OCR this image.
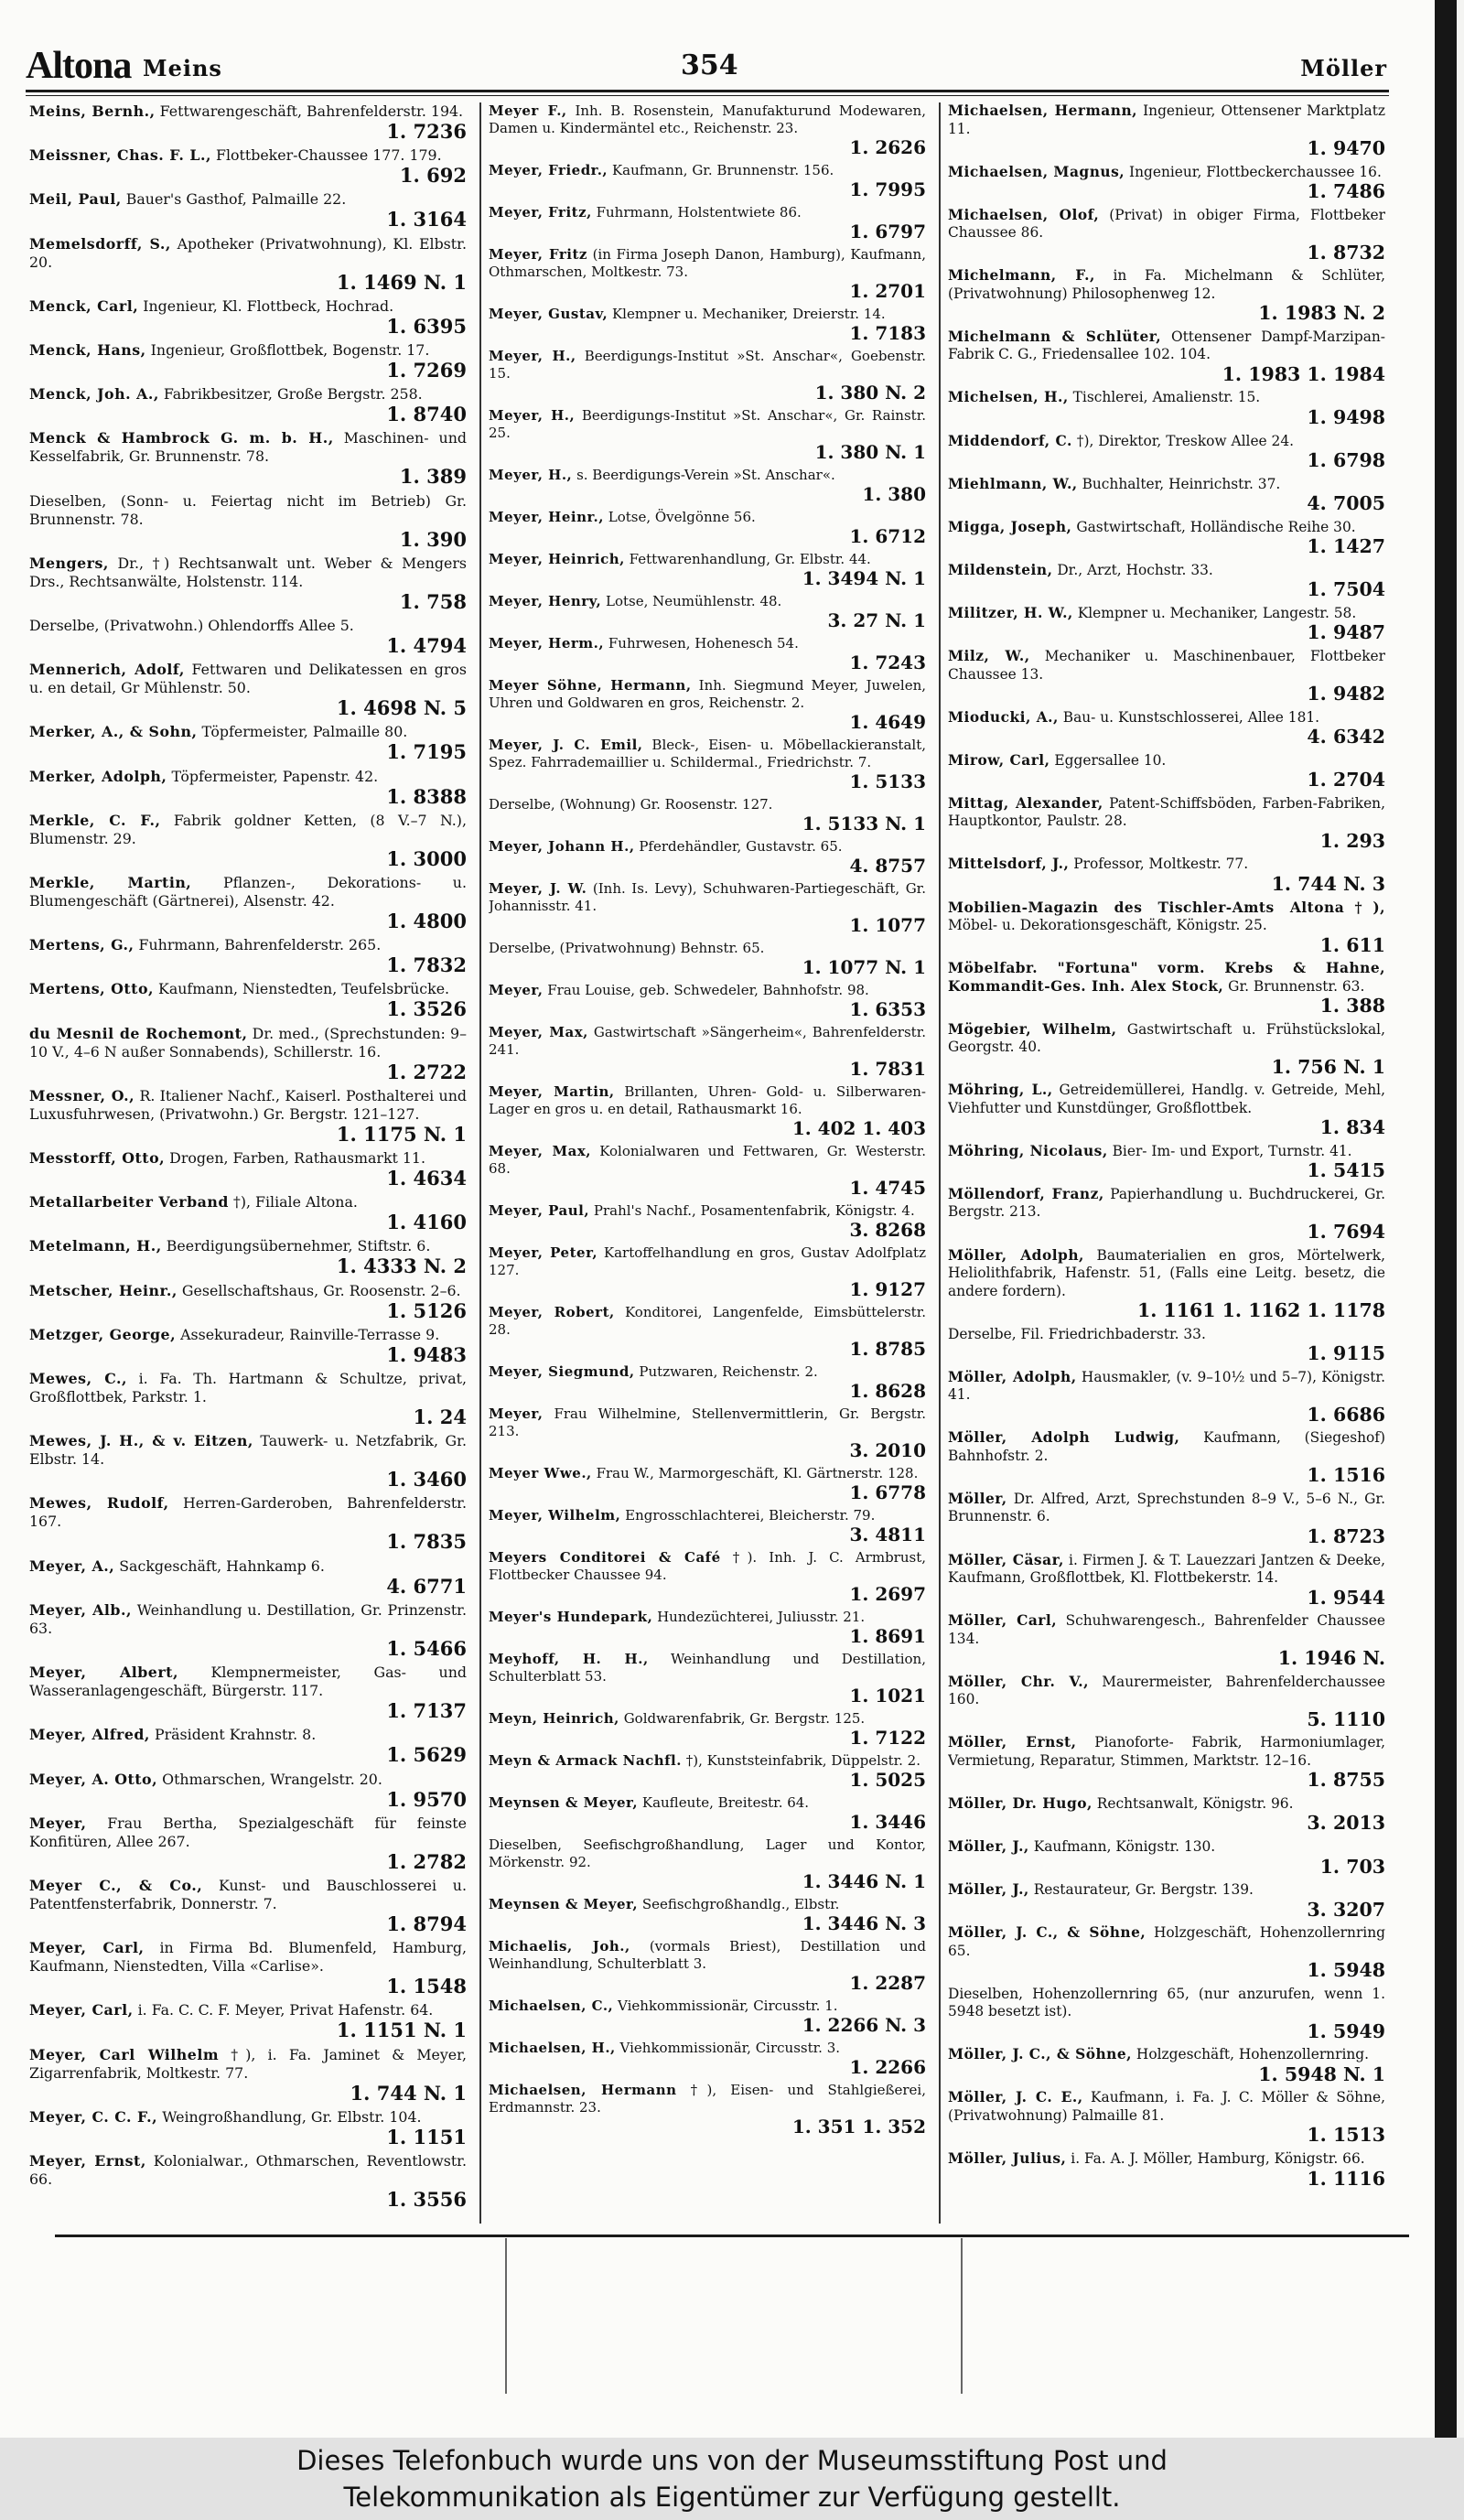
Altona Meins	354	Möller
Meins, Bernh., Fettwarengeschäft, Bahrenfelderstr. 194.
1. 7236
Meissner, Chas. F. L., Flottbeker-Chaussee 177. 179.
1. 692
Meil, Paul, Bauer's Gasthof, Palmaille 22.
1. 3164
Memelsdorff, S., Apotheker (Privatwohnung), Kl. Elbstr. 20.
1. 1469 N. 1
Menck, Carl, Ingenieur, Kl. Flottbeck, Hochrad.
1. 6395
Menck, Hans, Ingenieur, Großflottbek, Bogenstr. 17.
1. 7269
Menck, Joh. A., Fabrikbesitzer, Große Bergstr. 258.
1. 8740
Menck & Hambrock G. m. b. H., Maschinen- und Kesselfabrik, Gr. Brunnenstr. 78.
1. 389
Dieselben, (Sonn- u. Feiertag nicht im Betrieb) Gr. Brunnenstr. 78.
1. 390
Mengers, Dr., †) Rechtsanwalt unt. Weber & Mengers Drs., Rechtsanwälte, Holstenstr. 114.
1. 758
Derselbe, (Privatwohn.) Ohlendorffs Allee 5.
1. 4794
Mennerich, Adolf, Fettwaren und Delikatessen en gros u. en detail, Gr Mühlenstr. 50.
1. 4698 N. 5
Merker, A., & Sohn, Töpfermeister, Palmaille 80.
1. 7195
Merker, Adolph, Töpfermeister, Papenstr. 42.
1. 8388
Merkle, C. F., Fabrik goldner Ketten, (8 V.–7 N.), Blumenstr. 29.
1. 3000
Merkle, Martin, Pflanzen-, Dekorations- u. Blumengeschäft (Gärtnerei), Alsenstr. 42.
1. 4800
Mertens, G., Fuhrmann, Bahrenfelderstr. 265.
1. 7832
Mertens, Otto, Kaufmann, Nienstedten, Teufelsbrücke.
1. 3526
du Mesnil de Rochemont, Dr. med., (Sprechstunden: 9–10 V., 4–6 N außer Sonnabends), Schillerstr. 16.
1. 2722
Messner, O., R. Italiener Nachf., Kaiserl. Posthalterei und Luxusfuhrwesen, (Privatwohn.) Gr. Bergstr. 121–127.
1. 1175 N. 1
Messtorff, Otto, Drogen, Farben, Rathausmarkt 11.
1. 4634
Metallarbeiter Verband †), Filiale Altona.
1. 4160
Metelmann, H., Beerdigungsübernehmer, Stiftstr. 6.
1. 4333 N. 2
Metscher, Heinr., Gesellschaftshaus, Gr. Roosenstr. 2–6.
1. 5126
Metzger, George, Assekuradeur, Rainville-Terrasse 9.
1. 9483
Mewes, C., i. Fa. Th. Hartmann & Schultze, privat, Großflottbek, Parkstr. 1.
1. 24
Mewes, J. H., & v. Eitzen, Tauwerk- u. Netzfabrik, Gr. Elbstr. 14.
1. 3460
Mewes, Rudolf, Herren-Garderoben, Bahrenfelderstr. 167.
1. 7835
Meyer, A., Sackgeschäft, Hahnkamp 6.
4. 6771
Meyer, Alb., Weinhandlung u. Destillation, Gr. Prinzenstr. 63.
1. 5466
Meyer, Albert, Klempnermeister, Gas- und Wasseranlagengeschäft, Bürgerstr. 117.
1. 7137
Meyer, Alfred, Präsident Krahnstr. 8.
1. 5629
Meyer, A. Otto, Othmarschen, Wrangelstr. 20.
1. 9570
Meyer, Frau Bertha, Spezialgeschäft für feinste Konfitüren, Allee 267.
1. 2782
Meyer C., & Co., Kunst- und Bauschlosserei u. Patentfensterfabrik, Donnerstr. 7.
1. 8794
Meyer, Carl, in Firma Bd. Blumenfeld, Hamburg, Kaufmann, Nienstedten, Villa «Carlise».
1. 1548
Meyer, Carl, i. Fa. C. C. F. Meyer, Privat Hafenstr. 64.
1. 1151 N. 1
Meyer, Carl Wilhelm †), i. Fa. Jaminet & Meyer, Zigarrenfabrik, Moltkestr. 77.
1. 744 N. 1
Meyer, C. C. F., Weingroßhandlung, Gr. Elbstr. 104.
1. 1151
Meyer, Ernst, Kolonialwar., Othmarschen, Reventlowstr. 66.
1. 3556
Meyer F., Inh. B. Rosenstein, Manufakturund Modewaren, Damen u. Kindermäntel etc., Reichenstr. 23.
1. 2626
Meyer, Friedr., Kaufmann, Gr. Brunnenstr. 156.
1. 7995
Meyer, Fritz, Fuhrmann, Holstentwiete 86.
1. 6797
Meyer, Fritz (in Firma Joseph Danon, Hamburg), Kaufmann, Othmarschen, Moltkestr. 73.
1. 2701
Meyer, Gustav, Klempner u. Mechaniker, Dreierstr. 14.
1. 7183
Meyer, H., Beerdigungs-Institut »St. Anschar«, Goebenstr. 15.
1. 380 N. 2
Meyer, H., Beerdigungs-Institut »St. Anschar«, Gr. Rainstr. 25.
1. 380 N. 1
Meyer, H., s. Beerdigungs-Verein »St. Anschar«.
1. 380
Meyer, Heinr., Lotse, Övelgönne 56.
1. 6712
Meyer, Heinrich, Fettwarenhandlung, Gr. Elbstr. 44.
1. 3494 N. 1
Meyer, Henry, Lotse, Neumühlenstr. 48.
3. 27 N. 1
Meyer, Herm., Fuhrwesen, Hohenesch 54.
1. 7243
Meyer Söhne, Hermann, Inh. Siegmund Meyer, Juwelen, Uhren und Goldwaren en gros, Reichenstr. 2.
1. 4649
Meyer, J. C. Emil, Bleck-, Eisen- u. Möbellackieranstalt, Spez. Fahrrademaillier u. Schildermal., Friedrichstr. 7.
1. 5133
Derselbe, (Wohnung) Gr. Roosenstr. 127.
1. 5133 N. 1
Meyer, Johann H., Pferdehändler, Gustavstr. 65.
4. 8757
Meyer, J. W. (Inh. Is. Levy), Schuhwaren-Partiegeschäft, Gr. Johannisstr. 41.
1. 1077
Derselbe, (Privatwohnung) Behnstr. 65.
1. 1077 N. 1
Meyer, Frau Louise, geb. Schwedeler, Bahnhofstr. 98.
1. 6353
Meyer, Max, Gastwirtschaft »Sängerheim«, Bahrenfelderstr. 241.
1. 7831
Meyer, Martin, Brillanten, Uhren- Gold- u. Silberwaren-Lager en gros u. en detail, Rathausmarkt 16.
1. 402 1. 403
Meyer, Max, Kolonialwaren und Fettwaren, Gr. Westerstr. 68.
1. 4745
Meyer, Paul, Prahl's Nachf., Posamentenfabrik, Königstr. 4.
3. 8268
Meyer, Peter, Kartoffelhandlung en gros, Gustav Adolfplatz 127.
1. 9127
Meyer, Robert, Konditorei, Langenfelde, Eimsbüttelerstr. 28.
1. 8785
Meyer, Siegmund, Putzwaren, Reichenstr. 2.
1. 8628
Meyer, Frau Wilhelmine, Stellenvermittlerin, Gr. Bergstr. 213.
3. 2010
Meyer Wwe., Frau W., Marmorgeschäft, Kl. Gärtnerstr. 128.
1. 6778
Meyer, Wilhelm, Engrosschlachterei, Bleicherstr. 79.
3. 4811
Meyers Conditorei & Café †). Inh. J. C. Armbrust, Flottbecker Chaussee 94.
1. 2697
Meyer's Hundepark, Hundezüchterei, Juliusstr. 21.
1. 8691
Meyhoff, H. H., Weinhandlung und Destillation, Schulterblatt 53.
1. 1021
Meyn, Heinrich, Goldwarenfabrik, Gr. Bergstr. 125.
1. 7122
Meyn & Armack Nachfl. †), Kunststeinfabrik, Düppelstr. 2.
1. 5025
Meynsen & Meyer, Kaufleute, Breitestr. 64.
1. 3446
Dieselben, Seefischgroßhandlung, Lager und Kontor, Mörkenstr. 92.
1. 3446 N. 1
Meynsen & Meyer, Seefischgroßhandlg., Elbstr.
1. 3446 N. 3
Michaelis, Joh., (vormals Briest), Destillation und Weinhandlung, Schulterblatt 3.
1. 2287
Michaelsen, C., Viehkommissionär, Circusstr. 1.
1. 2266 N. 3
Michaelsen, H., Viehkommissionär, Circusstr. 3.
1. 2266
Michaelsen, Hermann †), Eisen- und Stahlgießerei, Erdmannstr. 23.
1. 351 1. 352
Michaelsen, Hermann, Ingenieur, Ottensener Marktplatz 11.
1. 9470
Michaelsen, Magnus, Ingenieur, Flottbeckerchaussee 16.
1. 7486
Michaelsen, Olof, (Privat) in obiger Firma, Flottbeker Chaussee 86.
1. 8732
Michelmann, F., in Fa. Michelmann & Schlüter, (Privatwohnung) Philosophenweg 12.
1. 1983 N. 2
Michelmann & Schlüter, Ottensener Dampf-Marzipan-Fabrik C. G., Friedensallee 102. 104.
1. 1983 1. 1984
Michelsen, H., Tischlerei, Amalienstr. 15.
1. 9498
Middendorf, C. †), Direktor, Treskow Allee 24.
1. 6798
Miehlmann, W., Buchhalter, Heinrichstr. 37.
4. 7005
Migga, Joseph, Gastwirtschaft, Holländische Reihe 30.
1. 1427
Mildenstein, Dr., Arzt, Hochstr. 33.
1. 7504
Militzer, H. W., Klempner u. Mechaniker, Langestr. 58.
1. 9487
Milz, W., Mechaniker u. Maschinenbauer, Flottbeker Chaussee 13.
1. 9482
Mioducki, A., Bau- u. Kunstschlosserei, Allee 181.
4. 6342
Mirow, Carl, Eggersallee 10.
1. 2704
Mittag, Alexander, Patent-Schiffsböden, Farben-Fabriken, Hauptkontor, Paulstr. 28.
1. 293
Mittelsdorf, J., Professor, Moltkestr. 77.
1. 744 N. 3
Mobilien-Magazin des Tischler-Amts Altona†), Möbel- u. Dekorationsgeschäft, Königstr. 25.
1. 611
Möbelfabr. "Fortuna" vorm. Krebs & Hahne, Kommandit-Ges. Inh. Alex Stock, Gr. Brunnenstr. 63.
1. 388
Mögebier, Wilhelm, Gastwirtschaft u. Frühstückslokal, Georgstr. 40.
1. 756 N. 1
Möhring, L., Getreidemüllerei, Handlg. v. Getreide, Mehl, Viehfutter und Kunstdünger, Großflottbek.
1. 834
Möhring, Nicolaus, Bier- Im- und Export, Turnstr. 41.
1. 5415
Möllendorf, Franz, Papierhandlung u. Buchdruckerei, Gr. Bergstr. 213.
1. 7694
Möller, Adolph, Baumaterialien en gros, Mörtelwerk, Heliolithfabrik, Hafenstr. 51, (Falls eine Leitg. besetz, die andere fordern).
1. 1161 1. 1162 1. 1178
Derselbe, Fil. Friedrichbaderstr. 33.
1. 9115
Möller, Adolph, Hausmakler, (v. 9–10½ und 5–7), Königstr. 41.
1. 6686
Möller, Adolph Ludwig, Kaufmann, (Siegeshof) Bahnhofstr. 2.
1. 1516
Möller, Dr. Alfred, Arzt, Sprechstunden 8–9 V., 5–6 N., Gr. Brunnenstr. 6.
1. 8723
Möller, Cäsar, i. Firmen J. & T. Lauezzari Jantzen & Deeke, Kaufmann, Großflottbek, Kl. Flottbekerstr. 14.
1. 9544
Möller, Carl, Schuhwarengesch., Bahrenfelder Chaussee 134.
1. 1946 N.
Möller, Chr. V., Maurermeister, Bahrenfelderchaussee 160.
5. 1110
Möller, Ernst, Pianoforte- Fabrik, Harmoniumlager, Vermietung, Reparatur, Stimmen, Marktstr. 12–16.
1. 8755
Möller, Dr. Hugo, Rechtsanwalt, Königstr. 96.
3. 2013
Möller, J., Kaufmann, Königstr. 130.
1. 703
Möller, J., Restaurateur, Gr. Bergstr. 139.
3. 3207
Möller, J. C., & Söhne, Holzgeschäft, Hohenzollernring 65.
1. 5948
Dieselben, Hohenzollernring 65, (nur anzurufen, wenn 1. 5948 besetzt ist).
1. 5949
Möller, J. C., & Söhne, Holzgeschäft, Hohenzollernring.
1. 5948 N. 1
Möller, J. C. E., Kaufmann, i. Fa. J. C. Möller & Söhne, (Privatwohnung) Palmaille 81.
1. 1513
Möller, Julius, i. Fa. A. J. Möller, Hamburg, Königstr. 66.
1. 1116
Dieses Telefonbuch wurde uns von der Museumsstiftung Post und
Telekommunikation als Eigentümer zur Verfügung gestellt.
